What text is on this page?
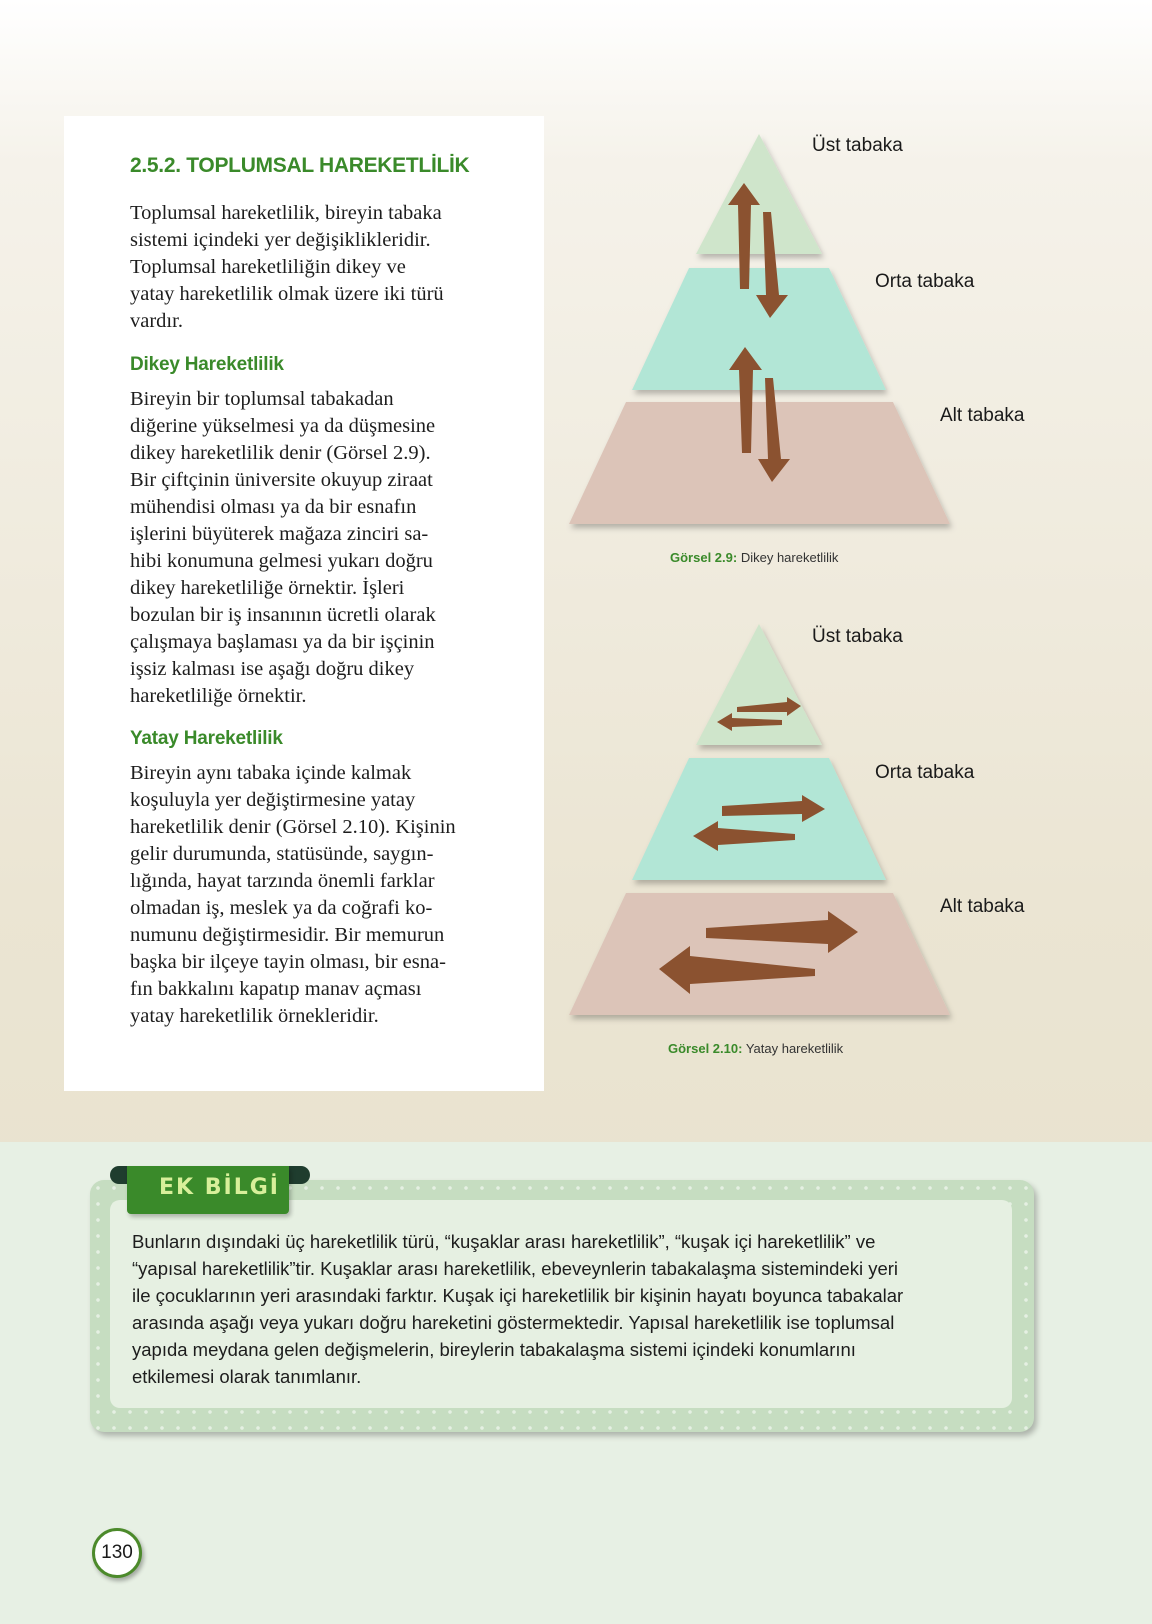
2.5.2. TOPLUMSAL HAREKETLİLİK

Toplumsal hareketlilik, bireyin tabaka
sistemi içindeki yer değişiklikleridir.
Toplumsal hareketliliğin dikey ve
yatay hareketlilik olmak üzere iki türü
vardır.

Dikey Hareketlilik

Bireyin bir toplumsal tabakadan
diğerine yükselmesi ya da düşmesine
dikey hareketlilik denir (Görsel 2.9).
Bir çiftçinin üniversite okuyup ziraat
mühendisi olması ya da bir esnafın
işlerini büyüterek mağaza zinciri sa-
hibi konumuna gelmesi yukarı doğru
dikey hareketliliğe örnektir. İşleri
bozulan bir iş insanının ücretli olarak
çalışmaya başlaması ya da bir işçinin
işsiz kalması ise aşağı doğru dikey
hareketliliğe örnektir.

Yatay Hareketlilik

Bireyin aynı tabaka içinde kalmak
koşuluyla yer değiştirmesine yatay
hareketlilik denir (Görsel 2.10). Kişinin
gelir durumunda, statüsünde, saygın-
lığında, hayat tarzında önemli farklar
olmadan iş, meslek ya da coğrafi ko-
numunu değiştirmesidir. Bir memurun
başka bir ilçeye tayin olması, bir esna-
fın bakkalını kapatıp manav açması
yatay hareketlilik örnekleridir.

Üst tabaka
Orta tabaka
Alt tabaka
Görsel 2.9: Dikey hareketlilik
Üst tabaka
Orta tabaka
Alt tabaka
Görsel 2.10: Yatay hareketlilik

Bunların dışındaki üç hareketlilik türü, “kuşaklar arası hareketlilik”, “kuşak içi hareketlilik” ve
“yapısal hareketlilik”tir. Kuşaklar arası hareketlilik, ebeveynlerin tabakalaşma sistemindeki yeri
ile çocuklarının yeri arasındaki farktır. Kuşak içi hareketlilik bir kişinin hayatı boyunca tabakalar
arasında aşağı veya yukarı doğru hareketini göstermektedir. Yapısal hareketlilik ise toplumsal
yapıda meydana gelen değişmelerin, bireylerin tabakalaşma sistemi içindeki konumlarını
etkilemesi olarak tanımlanır.

EK BİLGİ

130
